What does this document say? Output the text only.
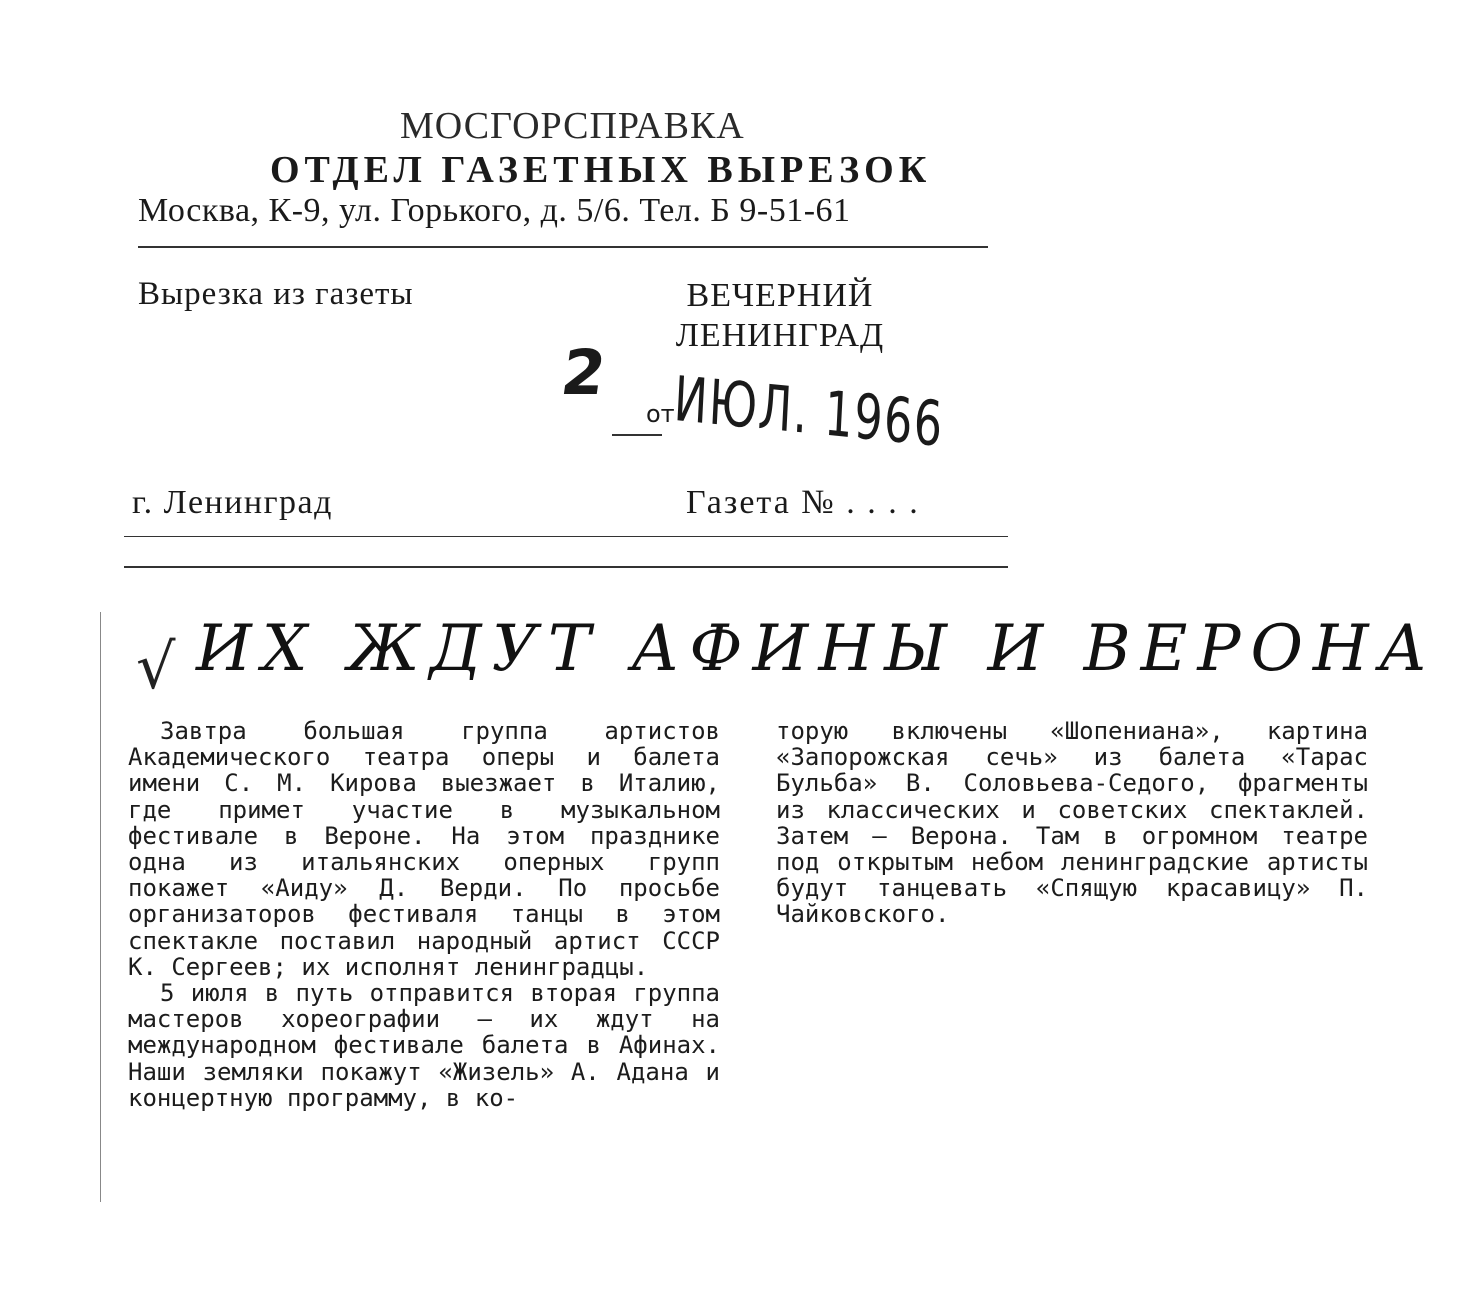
МОСГОРСПРАВКА
ОТДЕЛ ГАЗЕТНЫХ ВЫРЕЗОК
Москва, К-9, ул. Горького, д. 5/6. Тел. Б 9-51-61
Вырезка из газеты	ВЕЧЕРНИЙ ЛЕНИНГРАД
2
от
ИЮЛ. 1966
г. Ленинград	Газета № . . . .
√ ИХ ЖДУТ АФИНЫ И ВЕРОНА

Завтра большая группа артистов Академического театра оперы и балета имени С. М. Кирова выезжает в Италию, где примет участие в музыкальном фестивале в Вероне. На этом празднике одна из итальянских оперных групп покажет «Аиду» Д. Верди. По просьбе организаторов фестиваля танцы в этом спектакле поставил народный артист СССР К. Сергеев; их исполнят ленинградцы.

5 июля в путь отправится вторая группа мастеров хореографии — их ждут на международном фестивале балета в Афинах. Наши земляки покажут «Жизель» А. Адана и концертную программу, в ко-

торую включены «Шопениана», картина «Запорожская сечь» из балета «Тарас Бульба» В. Соловьева-Седого, фрагменты из классических и советских спектаклей. Затем — Верона. Там в огромном театре под открытым небом ленинградские артисты будут танцевать «Спящую красавицу» П. Чайковского.
